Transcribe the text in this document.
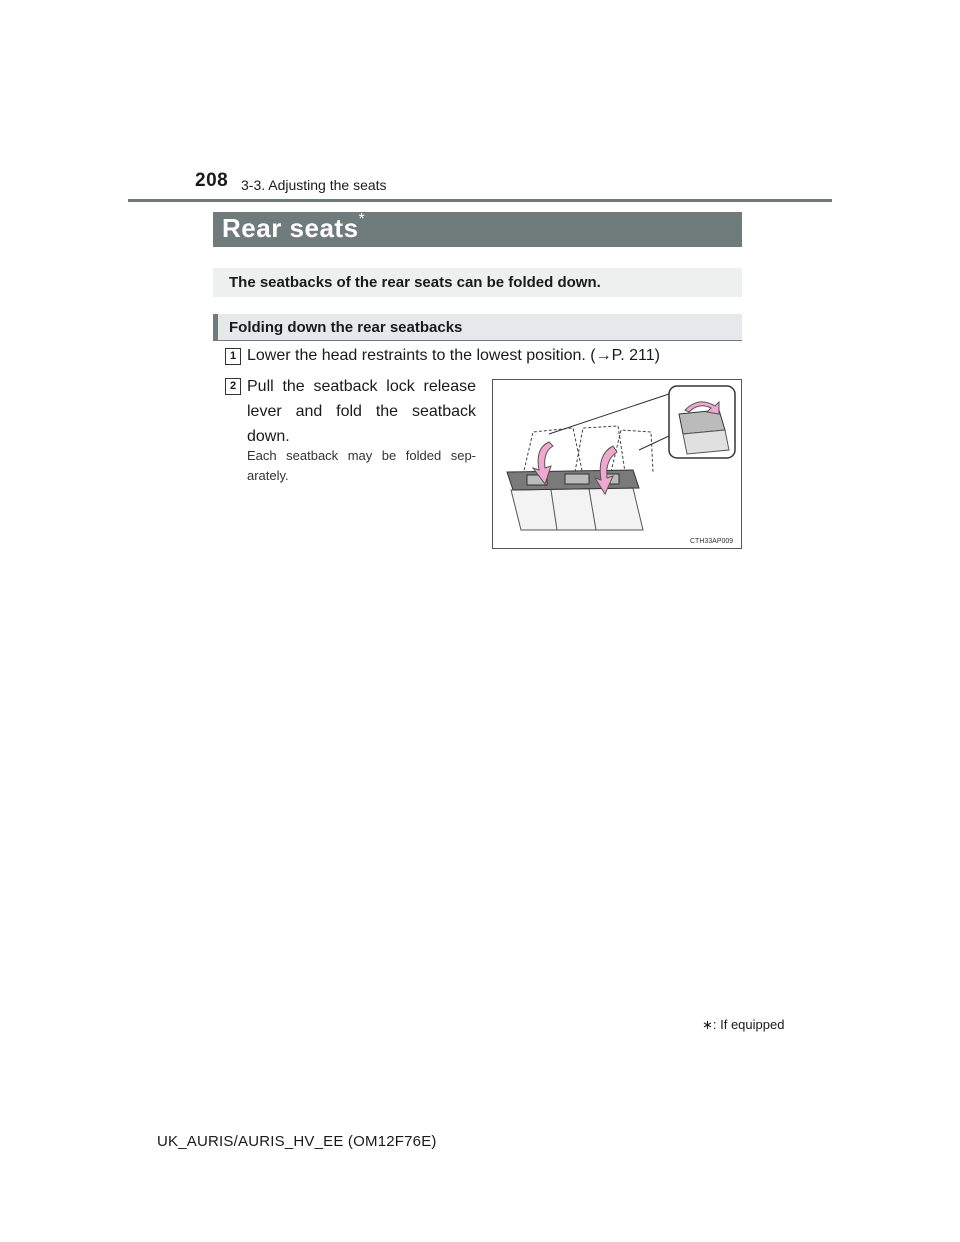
208 3-3. Adjusting the seats
Rear seats*
The seatbacks of the rear seats can be folded down.
Folding down the rear seatbacks
1 Lower the head restraints to the lowest position. (→P. 211)
2 Pull the seatback lock release lever and fold the seatback down.
Each seatback may be folded sep-arately.
CTH33AP009
∗: If equipped
UK_AURIS/AURIS_HV_EE (OM12F76E)
